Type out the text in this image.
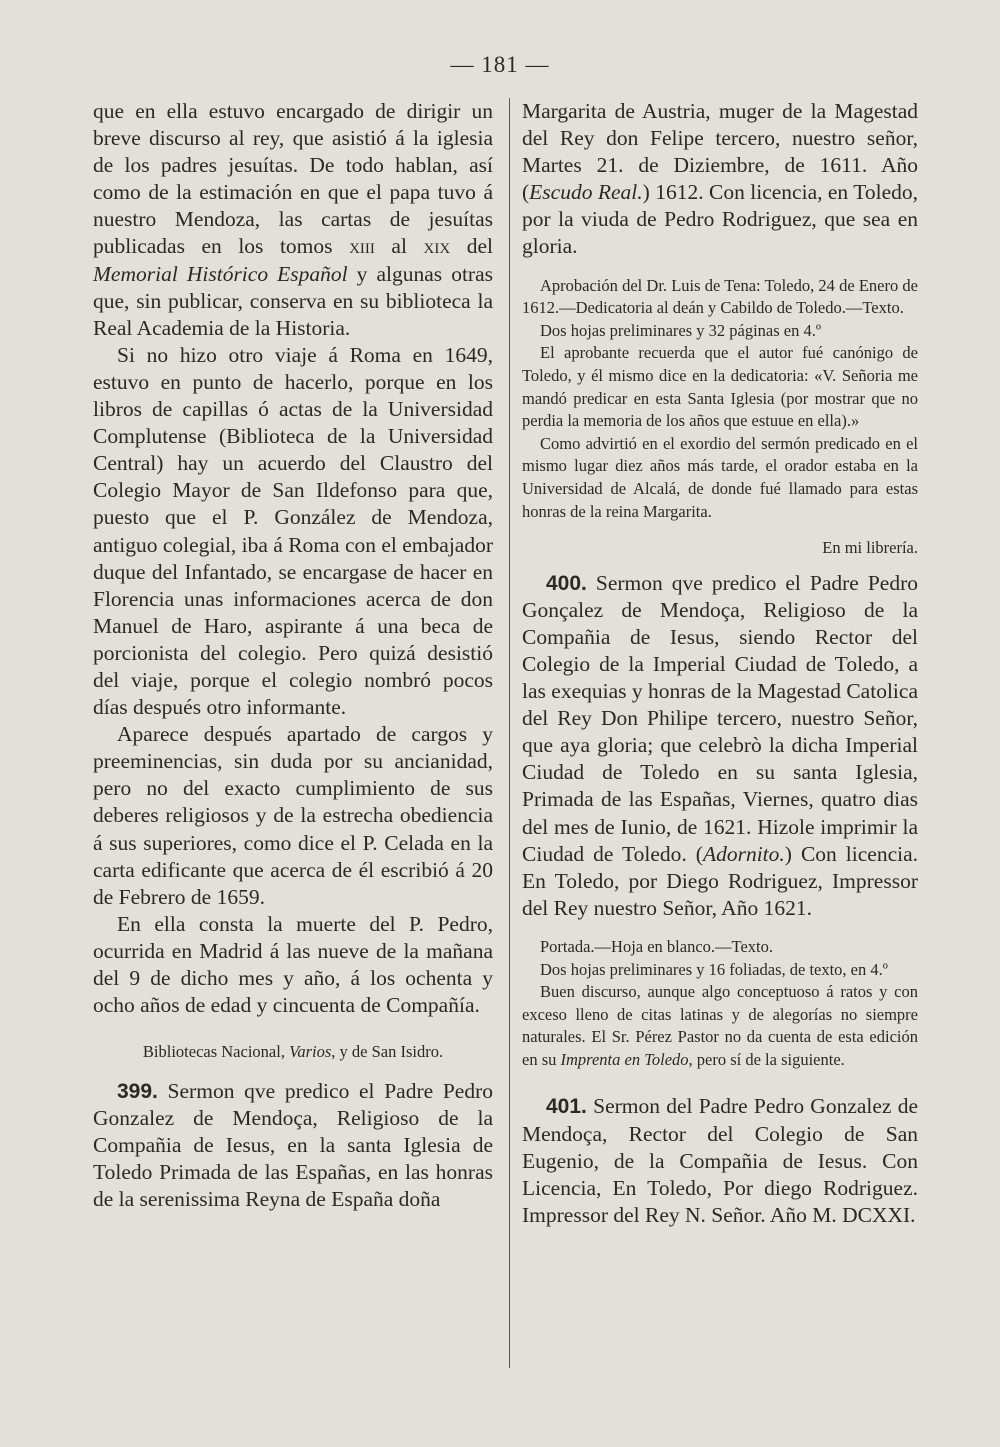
— 181 —

que en ella estuvo encargado de dirigir un breve discurso al rey, que asistió á la iglesia de los padres jesuítas. De todo hablan, así como de la estimación en que el papa tuvo á nuestro Mendoza, las cartas de jesuítas publicadas en los tomos xiii al xix del Memorial Histórico Español y algunas otras que, sin publicar, conserva en su biblioteca la Real Academia de la Historia.

Si no hizo otro viaje á Roma en 1649, estuvo en punto de hacerlo, porque en los libros de capillas ó actas de la Universidad Complutense (Biblioteca de la Universidad Central) hay un acuerdo del Claustro del Colegio Mayor de San Ildefonso para que, puesto que el P. González de Mendoza, antiguo colegial, iba á Roma con el embajador duque del Infantado, se encargase de hacer en Florencia unas informaciones acerca de don Manuel de Haro, aspirante á una beca de porcionista del colegio. Pero quizá desistió del viaje, porque el colegio nombró pocos días después otro informante.

Aparece después apartado de cargos y preeminencias, sin duda por su ancianidad, pero no del exacto cumplimiento de sus deberes religiosos y de la estrecha obediencia á sus superiores, como dice el P. Celada en la carta edificante que acerca de él escribió á 20 de Febrero de 1659.

En ella consta la muerte del P. Pedro, ocurrida en Madrid á las nueve de la mañana del 9 de dicho mes y año, á los ochenta y ocho años de edad y cincuenta de Compañía.

Bibliotecas Nacional, Varios, y de San Isidro.

399. Sermon qve predico el Padre Pedro Gonzalez de Mendoça, Religioso de la Compañia de Iesus, en la santa Iglesia de Toledo Primada de las Españas, en las honras de la serenissima Reyna de España doña

Margarita de Austria, muger de la Magestad del Rey don Felipe tercero, nuestro señor, Martes 21. de Diziembre, de 1611. Año (Escudo Real.) 1612. Con licencia, en Toledo, por la viuda de Pedro Rodriguez, que sea en gloria.

Aprobación del Dr. Luis de Tena: Toledo, 24 de Enero de 1612.—Dedicatoria al deán y Cabildo de Toledo.—Texto.

Dos hojas preliminares y 32 páginas en 4.º

El aprobante recuerda que el autor fué canónigo de Toledo, y él mismo dice en la dedicatoria: «V. Señoria me mandó predicar en esta Santa Iglesia (por mostrar que no perdia la memoria de los años que estuue en ella).»

Como advirtió en el exordio del sermón predicado en el mismo lugar diez años más tarde, el orador estaba en la Universidad de Alcalá, de donde fué llamado para estas honras de la reina Margarita.

En mi librería.

400. Sermon qve predico el Padre Pedro Gonçalez de Mendoça, Religioso de la Compañia de Iesus, siendo Rector del Colegio de la Imperial Ciudad de Toledo, a las exequias y honras de la Magestad Catolica del Rey Don Philipe tercero, nuestro Señor, que aya gloria; que celebrò la dicha Imperial Ciudad de Toledo en su santa Iglesia, Primada de las Españas, Viernes, quatro dias del mes de Iunio, de 1621. Hizole imprimir la Ciudad de Toledo. (Adornito.) Con licencia. En Toledo, por Diego Rodriguez, Impressor del Rey nuestro Señor, Año 1621.

Portada.—Hoja en blanco.—Texto.

Dos hojas preliminares y 16 foliadas, de texto, en 4.º

Buen discurso, aunque algo conceptuoso á ratos y con exceso lleno de citas latinas y de alegorías no siempre naturales. El Sr. Pérez Pastor no da cuenta de esta edición en su Imprenta en Toledo, pero sí de la siguiente.

401. Sermon del Padre Pedro Gonzalez de Mendoça, Rector del Colegio de San Eugenio, de la Compañia de Iesus. Con Licencia, En Toledo, Por diego Rodriguez. Impressor del Rey N. Señor. Año M. DCXXI.
